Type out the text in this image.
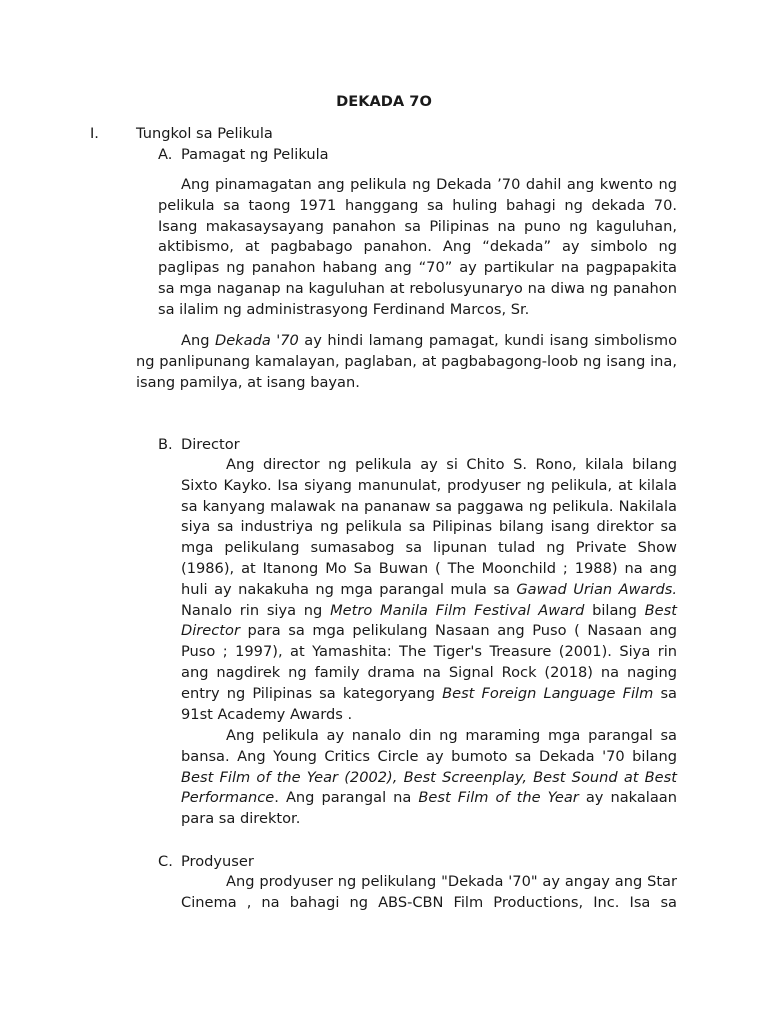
DEKADA 7O
I.	Tungkol sa Pelikula
A. Pamagat ng Pelikula

Ang pinamagatan ang pelikula ng Dekada ’70 dahil ang kwento ng pelikula sa taong 1971 hanggang sa huling bahagi ng dekada 70. Isang makasaysayang panahon sa Pilipinas na puno ng kaguluhan, aktibismo, at pagbabago panahon. Ang “dekada” ay simbolo ng paglipas ng panahon habang ang “70” ay partikular na pagpapakita sa mga naganap na kaguluhan at rebolusyunaryo na diwa ng panahon sa ilalim ng administrasyong Ferdinand Marcos, Sr.

Ang Dekada '70 ay hindi lamang pamagat, kundi isang simbolismo ng panlipunang kamalayan, paglaban, at pagbabagong-loob ng isang ina, isang pamilya, at isang bayan.

B. Director

Ang director ng pelikula ay si Chito S. Rono, kilala bilang Sixto Kayko. Isa siyang manunulat, prodyuser ng pelikula, at kilala sa kanyang malawak na pananaw sa paggawa ng pelikula. Nakilala siya sa industriya ng pelikula sa Pilipinas bilang isang direktor sa mga pelikulang sumasabog sa lipunan tulad ng Private Show (1986), at Itanong Mo Sa Buwan ( The Moonchild ; 1988) na ang huli ay nakakuha ng mga parangal mula sa Gawad Urian Awards. Nanalo rin siya ng Metro Manila Film Festival Award bilang Best Director para sa mga pelikulang Nasaan ang Puso ( Nasaan ang Puso ; 1997), at Yamashita: The Tiger's Treasure (2001). Siya rin ang nagdirek ng family drama na Signal Rock (2018) na naging entry ng Pilipinas sa kategoryang Best Foreign Language Film sa 91st Academy Awards .

Ang pelikula ay nanalo din ng maraming mga parangal sa bansa. Ang Young Critics Circle ay bumoto sa Dekada '70 bilang Best Film of the Year (2002), Best Screenplay, Best Sound at Best Performance. Ang parangal na Best Film of the Year ay nakalaan para sa direktor.

C. Prodyuser

Ang prodyuser ng pelikulang "Dekada '70" ay angay ang Star Cinema , na bahagi ng ABS-CBN Film Productions, Inc. Isa sa
